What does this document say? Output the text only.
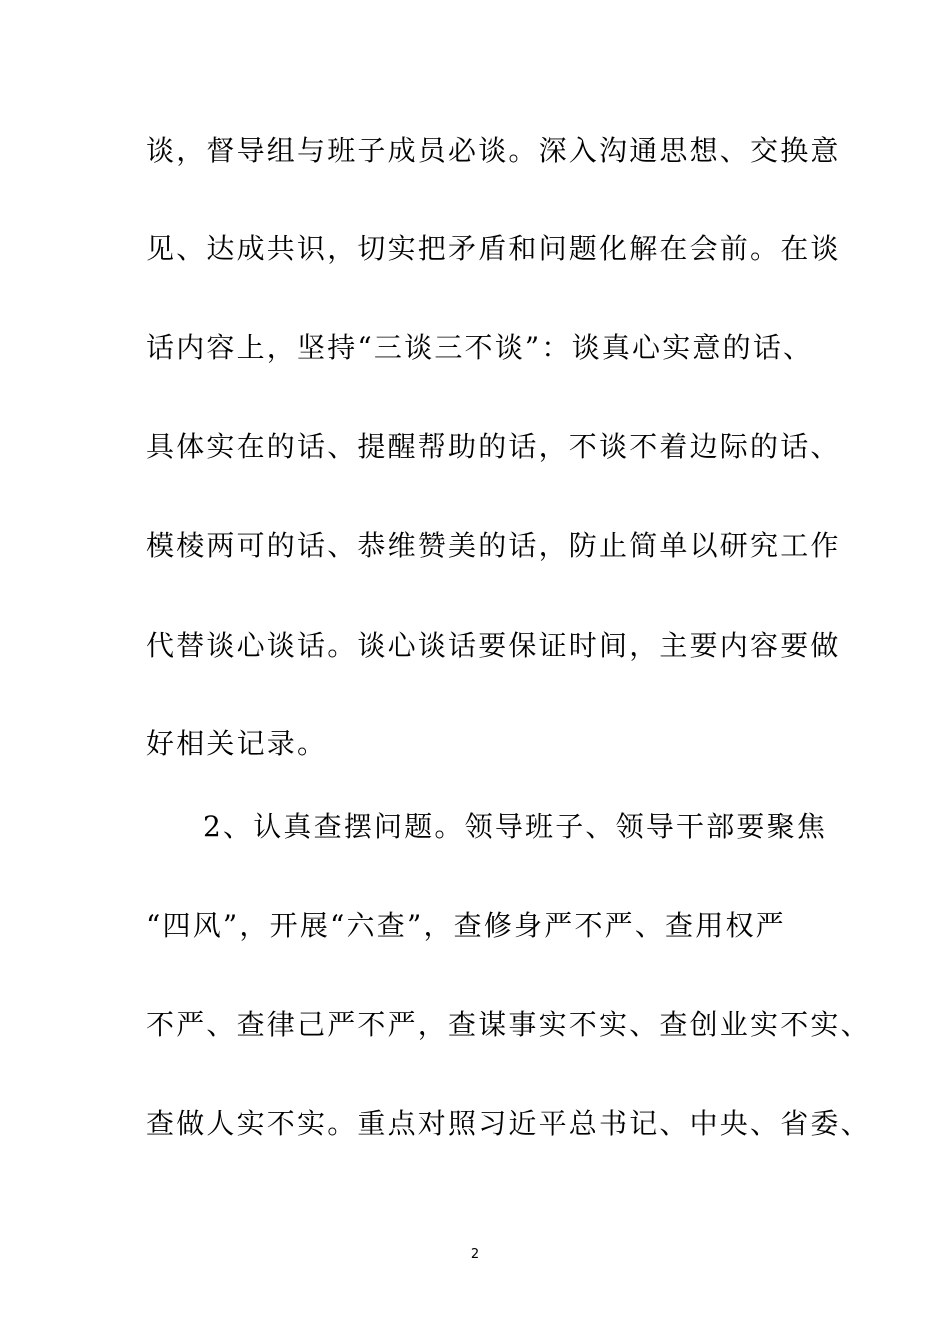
谈，督导组与班子成员必谈。深入沟通思想、交换意
见、达成共识，切实把矛盾和问题化解在会前。在谈
话内容上，坚持“三谈三不谈”：谈真心实意的话、
具体实在的话、提醒帮助的话，不谈不着边际的话、
模棱两可的话、恭维赞美的话，防止简单以研究工作
代替谈心谈话。谈心谈话要保证时间，主要内容要做
好相关记录。
2、认真查摆问题。领导班子、领导干部要聚焦
“四风”，开展“六查”，查修身严不严、查用权严
不严、查律己严不严，查谋事实不实、查创业实不实、
查做人实不实。重点对照习近平总书记、中央、省委、
2
